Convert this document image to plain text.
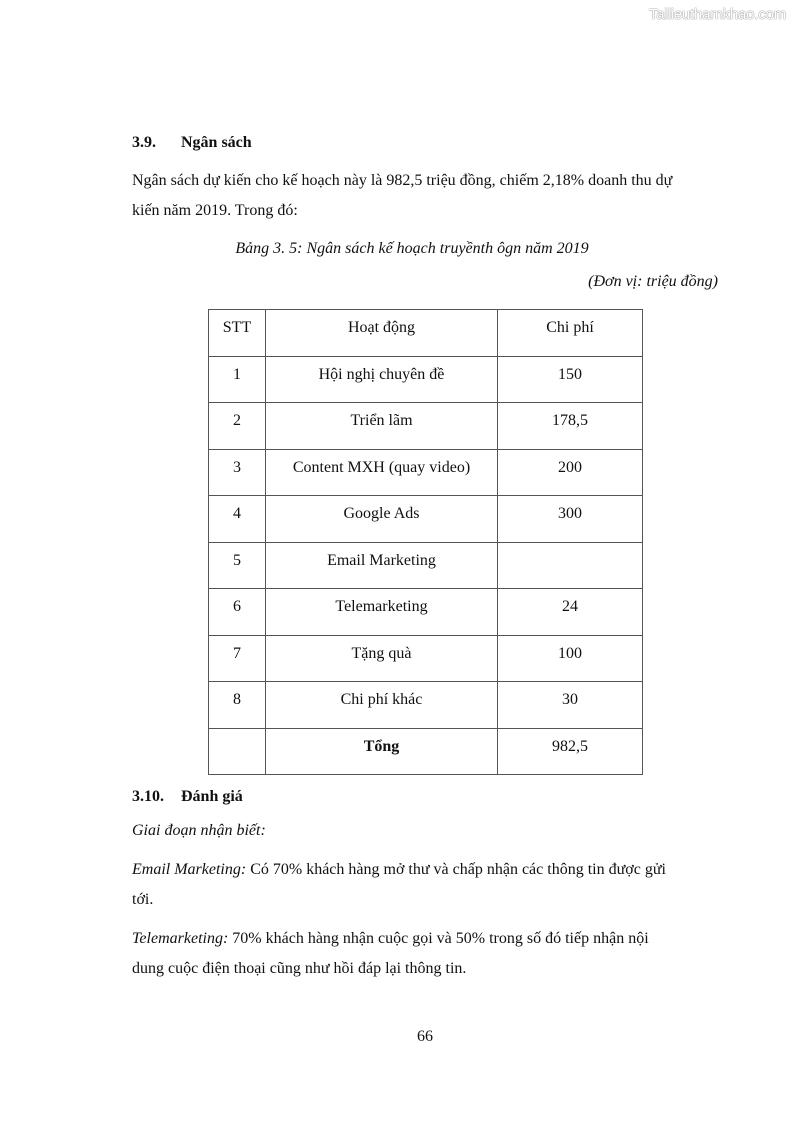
Tailieuthamkhao.com
3.9. Ngân sách
Ngân sách dự kiến cho kế hoạch này là 982,5 triệu đồng, chiếm 2,18% doanh thu dự
kiến năm 2019. Trong đó:
Bảng 3. 5: Ngân sách kế hoạch truyềnth ôgn năm 2019
(Đơn vị: triệu đồng)
STT	Hoạt động	Chi phí
1	Hội nghị chuyên đề	150
2	Triển lãm	178,5
3	Content MXH (quay video)	200
4	Google Ads	300
5	Email Marketing	
6	Telemarketing	24
7	Tặng quà	100
8	Chi phí khác	30
	Tổng	982,5
3.10. Đánh giá
Giai đoạn nhận biết:
Email Marketing: Có 70% khách hàng mở thư và chấp nhận các thông tin được gửi
tới.
Telemarketing: 70% khách hàng nhận cuộc gọi và 50% trong số đó tiếp nhận nội
dung cuộc điện thoại cũng như hồi đáp lại thông tin.
66
